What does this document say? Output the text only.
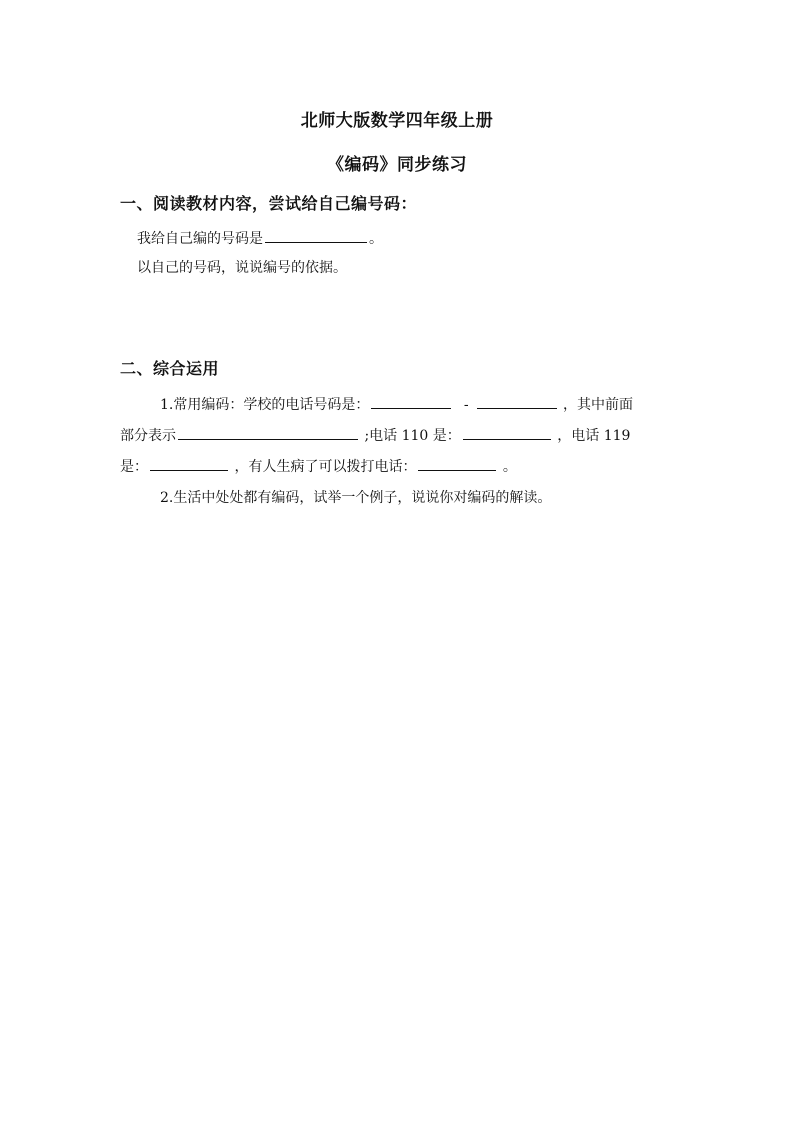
北师大版数学四年级上册
《编码》同步练习
一、阅读教材内容，尝试给自己编号码：
我给自己编的号码是	。
以自己的号码，说说编号的依据。
二、综合运用
1.常用编码：学校的电话号码是：	-	，其中前面
部分表示	;电话 110 是：	，电话 119
是：	，有人生病了可以拨打电话：	。
2.生活中处处都有编码，试举一个例子，说说你对编码的解读。
